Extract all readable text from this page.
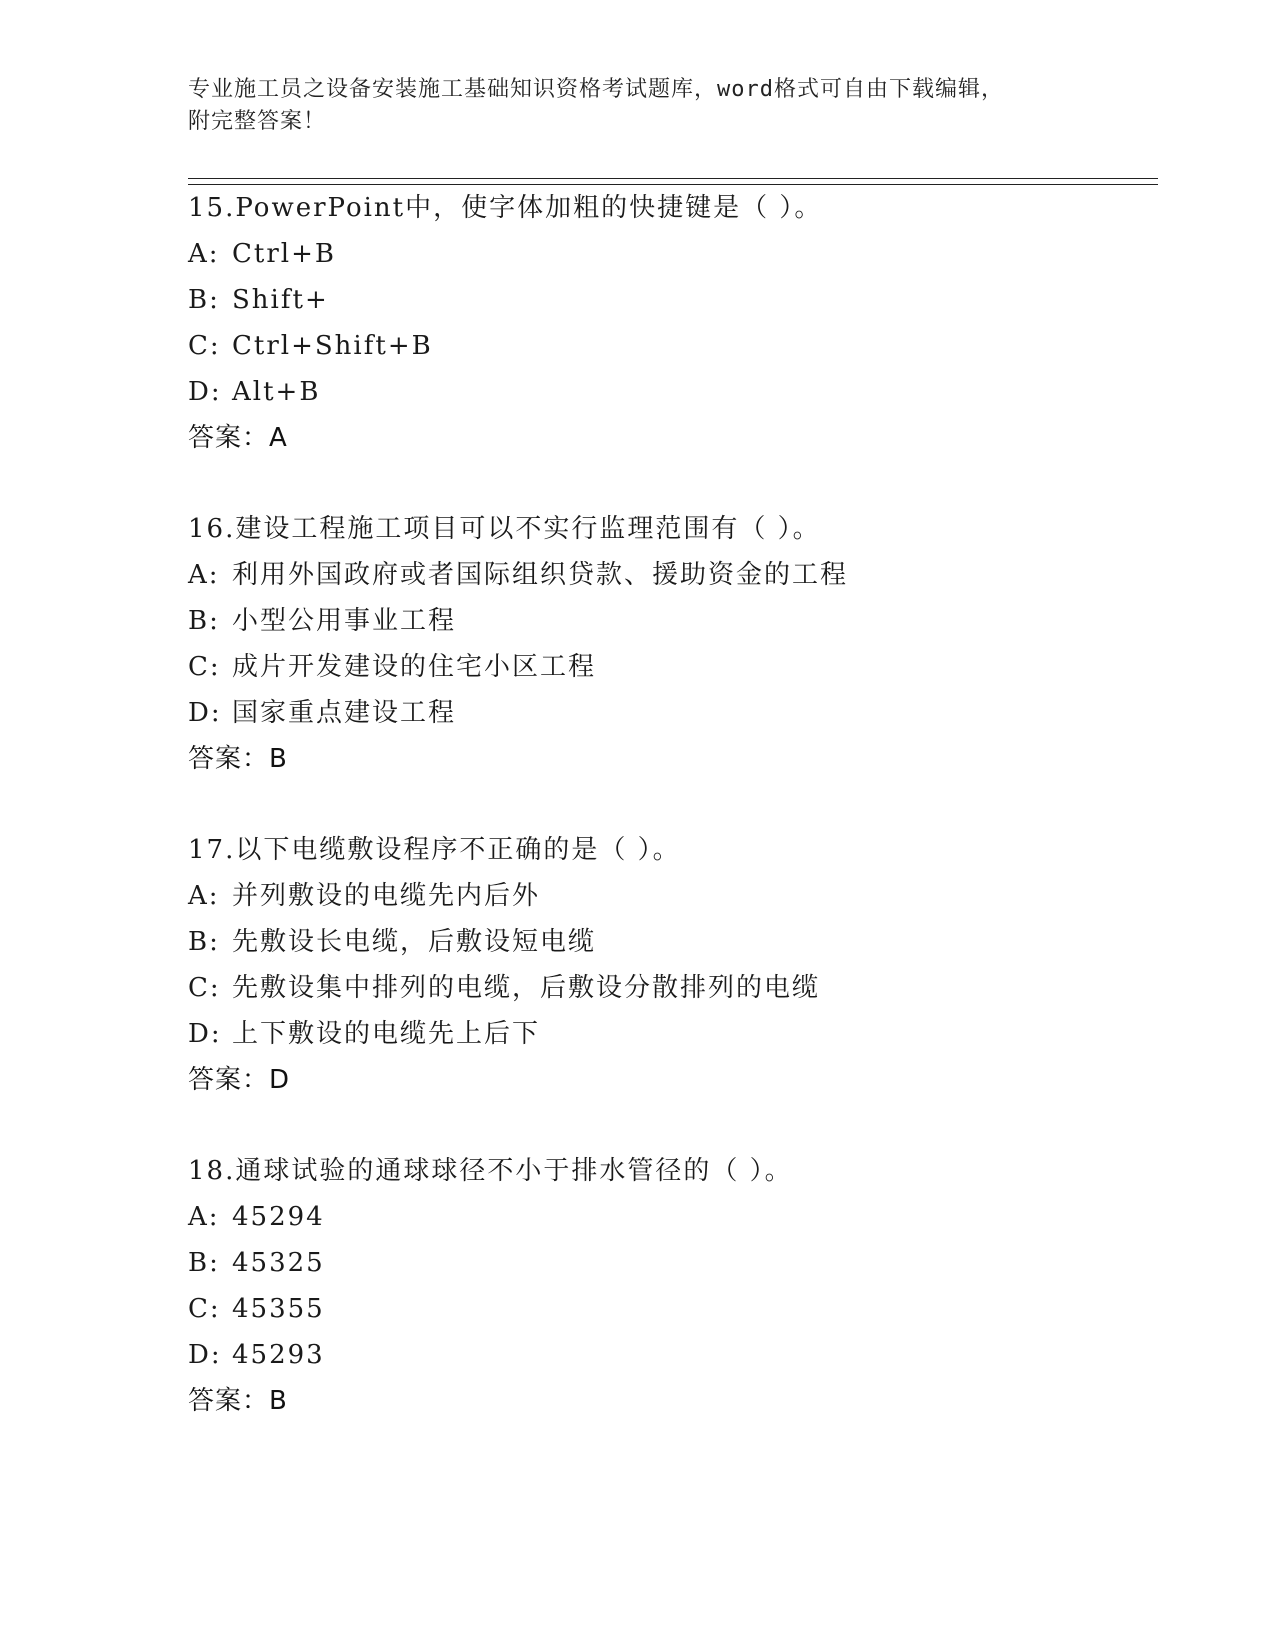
专业施工员之设备安装施工基础知识资格考试题库，word格式可自由下载编辑，
附完整答案！
15.PowerPoint中，使字体加粗的快捷键是（ ）。
A: Ctrl+B
B: Shift+
C: Ctrl+Shift+B
D: Alt+B
答案：A
16.建设工程施工项目可以不实行监理范围有（ ）。
A: 利用外国政府或者国际组织贷款、援助资金的工程
B: 小型公用事业工程
C: 成片开发建设的住宅小区工程
D: 国家重点建设工程
答案：B
17.以下电缆敷设程序不正确的是（ ）。
A: 并列敷设的电缆先内后外
B: 先敷设长电缆，后敷设短电缆
C: 先敷设集中排列的电缆，后敷设分散排列的电缆
D: 上下敷设的电缆先上后下
答案：D
18.通球试验的通球球径不小于排水管径的（ ）。
A: 45294
B: 45325
C: 45355
D: 45293
答案：B
